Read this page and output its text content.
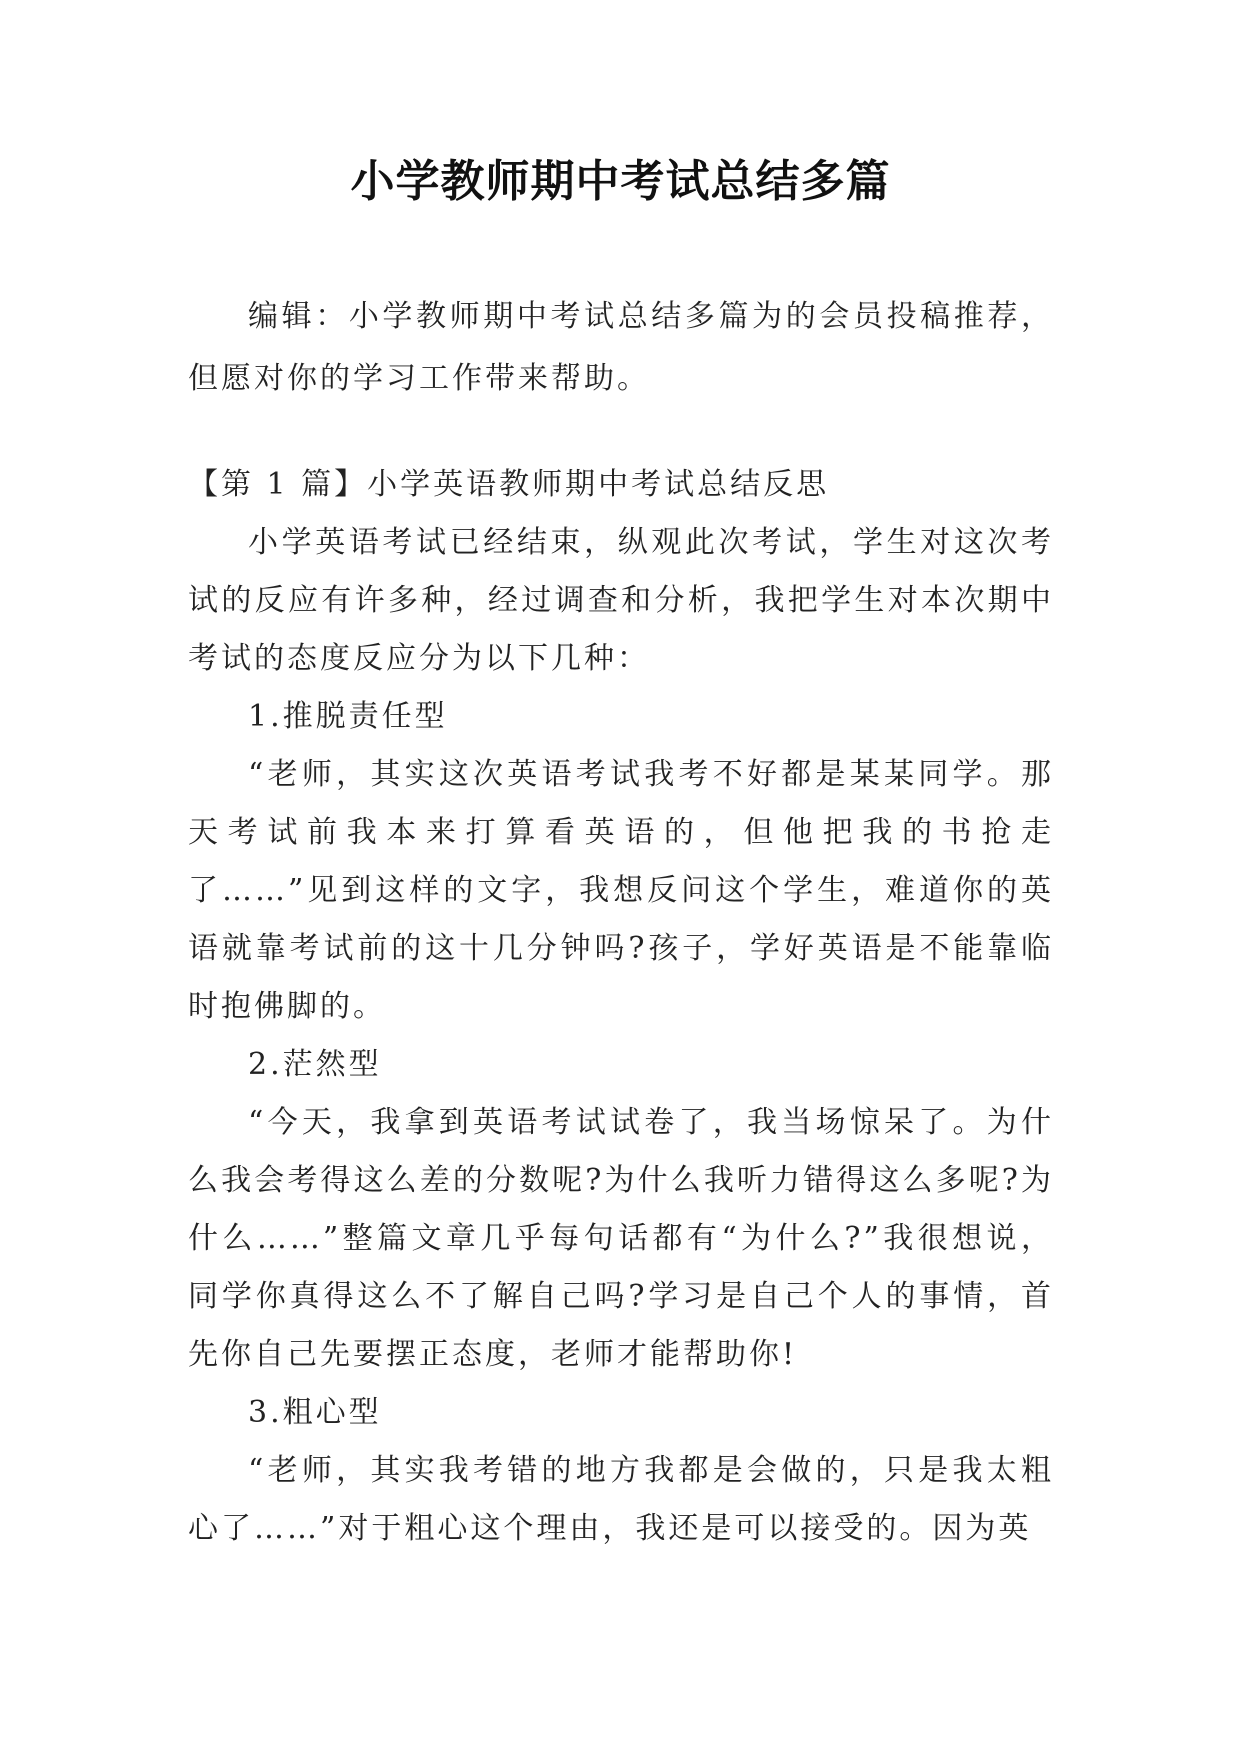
小学教师期中考试总结多篇

编辑：小学教师期中考试总结多篇为的会员投稿推荐，但愿对你的学习工作带来帮助。

【第 1 篇】小学英语教师期中考试总结反思

小学英语考试已经结束，纵观此次考试，学生对这次考试的反应有许多种，经过调查和分析，我把学生对本次期中考试的态度反应分为以下几种：

1.推脱责任型

“老师，其实这次英语考试我考不好都是某某同学。那天考试前我本来打算看英语的，但他把我的书抢走了……”见到这样的文字，我想反问这个学生，难道你的英语就靠考试前的这十几分钟吗?孩子，学好英语是不能靠临时抱佛脚的。

2.茫然型

“今天，我拿到英语考试试卷了，我当场惊呆了。为什么我会考得这么差的分数呢?为什么我听力错得这么多呢?为什么……”整篇文章几乎每句话都有“为什么?”我很想说，同学你真得这么不了解自己吗?学习是自己个人的事情，首先你自己先要摆正态度，老师才能帮助你!

3.粗心型

“老师，其实我考错的地方我都是会做的，只是我太粗心了……”对于粗心这个理由，我还是可以接受的。因为英
